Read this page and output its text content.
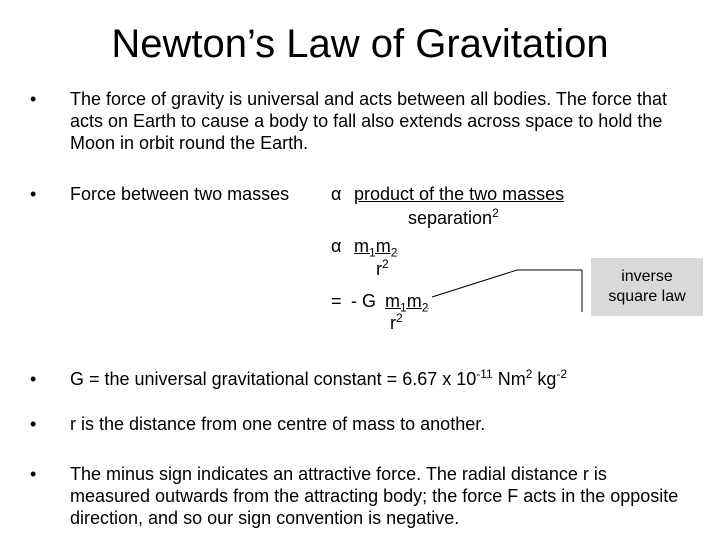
Newton’s Law of Gravitation
• The force of gravity is universal and acts between all bodies. The force that acts on Earth to cause a body to fall also extends across space to hold the Moon in orbit round the Earth.
• Force between two masses α product of the two masses
separation$^2$
α $m_1m_2$
$r^2$
= - G $m_1m_2$
$r^2$
inverse
square law
• G = the universal gravitational constant = 6.67 x $10^{-11}$ Nm$^2$ $kg^{-2}$
• r is the distance from one centre of mass to another.
• The minus sign indicates an attractive force. The radial distance r is measured outwards from the attracting body; the force F acts in the opposite direction, and so our sign convention is negative.
